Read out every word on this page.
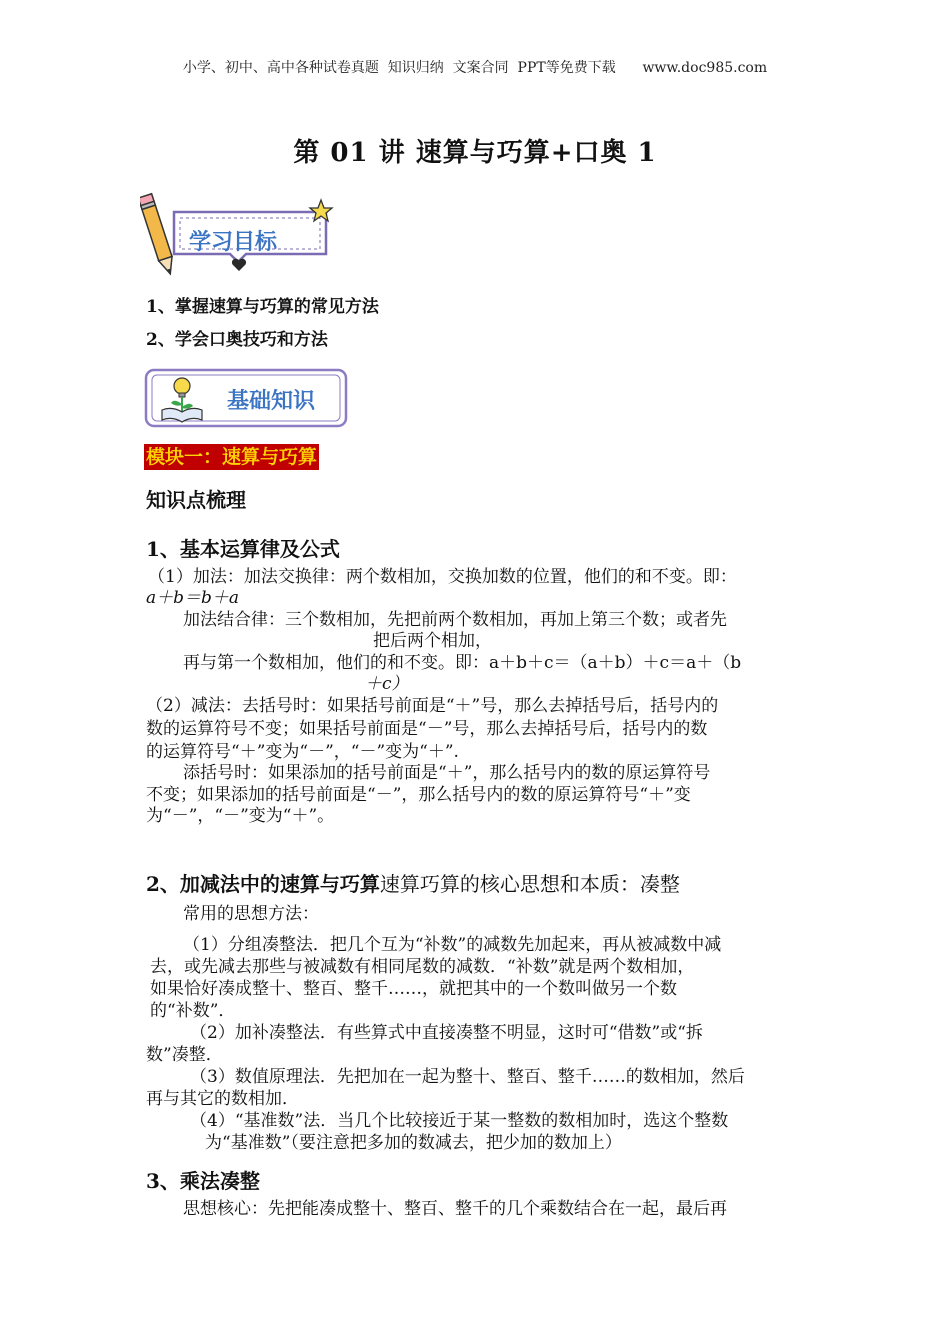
小学、初中、高中各种试卷真题  知识归纳  文案合同  PPT等免费下载      www.doc985.com
第 01 讲 速算与巧算+口奥 1
学习目标
1、掌握速算与巧算的常见方法
2、学会口奥技巧和方法
基础知识
模块一：速算与巧算
知识点梳理
1、基本运算律及公式
（1）加法：加法交换律：两个数相加，交换加数的位置，他们的和不变。即：
a＋b＝b＋a
加法结合律：三个数相加，先把前两个数相加，再加上第三个数；或者先
把后两个相加，
再与第一个数相加，他们的和不变。即：a＋b＋c＝（a＋b）＋c＝a＋（b
＋c）
（2）减法：去括号时：如果括号前面是“＋”号，那么去掉括号后，括号内的
数的运算符号不变；如果括号前面是“－”号，那么去掉括号后，括号内的数
的运算符号“＋”变为“－”，“－”变为“＋”.
添括号时：如果添加的括号前面是“＋”，那么括号内的数的原运算符号
不变；如果添加的括号前面是“－”，那么括号内的数的原运算符号“＋”变
为“－”，“－”变为“＋”。
2、加减法中的速算与巧算速算巧算的核心思想和本质：凑整
常用的思想方法：
（1）分组凑整法．把几个互为“补数”的减数先加起来，再从被减数中减
去，或先减去那些与被减数有相同尾数的减数．“补数”就是两个数相加，
如果恰好凑成整十、整百、整千……，就把其中的一个数叫做另一个数
的“补数”．
（2）加补凑整法．有些算式中直接凑整不明显，这时可“借数”或“拆
数”凑整．
（3）数值原理法．先把加在一起为整十、整百、整千……的数相加，然后
再与其它的数相加．
（4）“基准数”法．当几个比较接近于某一整数的数相加时，选这个整数
为“基准数”（要注意把多加的数减去，把少加的数加上）
3、乘法凑整
思想核心：先把能凑成整十、整百、整千的几个乘数结合在一起，最后再
